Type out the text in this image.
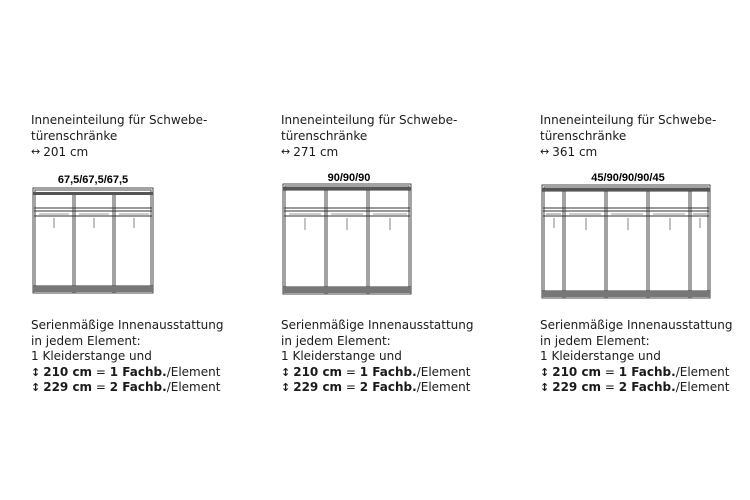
Inneneinteilung für Schwebe-
türenschränke
↔ 201 cm
67,5/67,5/67,5
Serienmäßige Innenausstattung
in jedem Element:
1 Kleiderstange und
↕ 210 cm = 1 Fachb./Element
↕ 229 cm = 2 Fachb./Element
Inneneinteilung für Schwebe-
türenschränke
↔ 271 cm
90/90/90
Serienmäßige Innenausstattung
in jedem Element:
1 Kleiderstange und
↕ 210 cm = 1 Fachb./Element
↕ 229 cm = 2 Fachb./Element
Inneneinteilung für Schwebe-
türenschränke
↔ 361 cm
45/90/90/90/45
Serienmäßige Innenausstattung
in jedem Element:
1 Kleiderstange und
↕ 210 cm = 1 Fachb./Element
↕ 229 cm = 2 Fachb./Element
